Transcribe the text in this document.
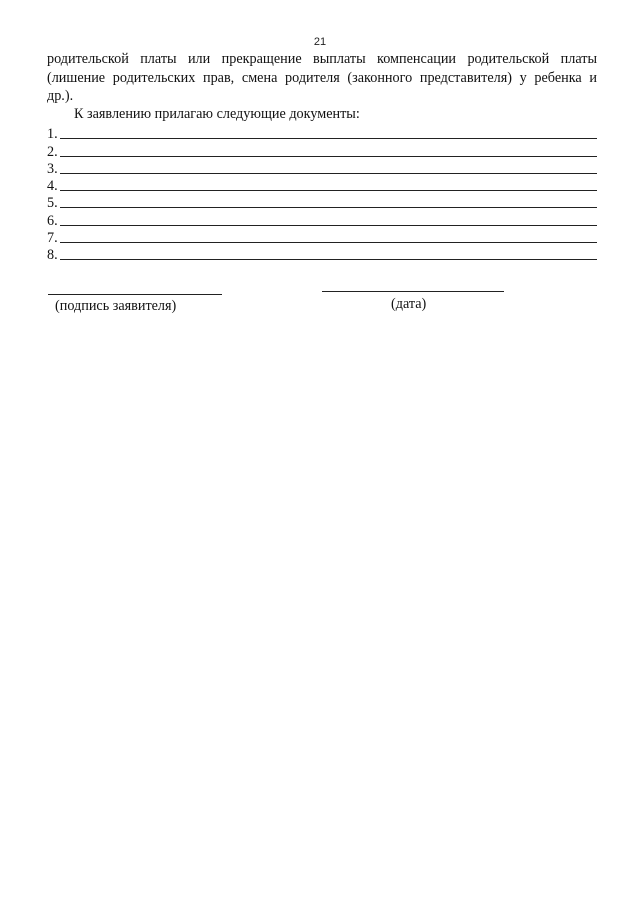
21
родительской платы или прекращение выплаты компенсации родительской платы
(лишение родительских прав, смена родителя (законного представителя) у ребенка и
др.).
К заявлению прилагаю следующие документы:
1.
2.
3.
4.
5.
6.
7.
8.
(подпись заявителя)	(дата)
